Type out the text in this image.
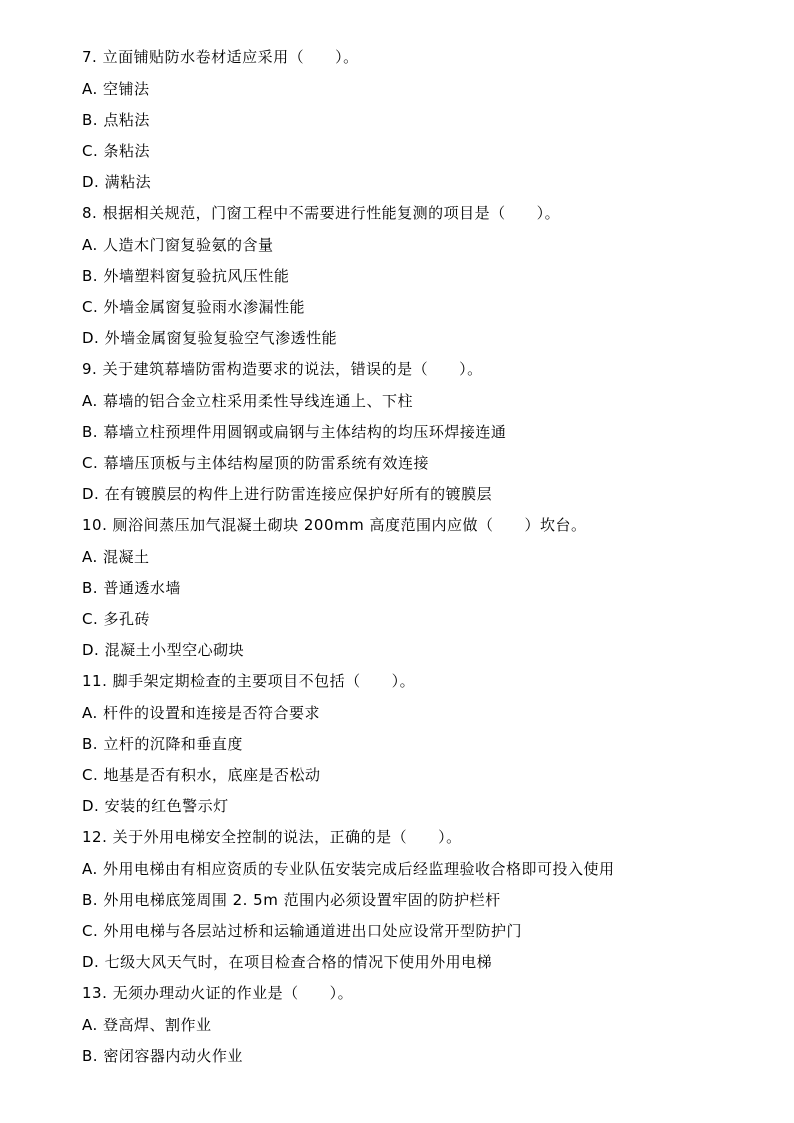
7. 立面铺贴防水卷材适应采用（　　）。
A. 空铺法
B. 点粘法
C. 条粘法
D. 满粘法
8. 根据相关规范，门窗工程中不需要进行性能复测的项目是（　　）。
A. 人造木门窗复验氨的含量
B. 外墙塑料窗复验抗风压性能
C. 外墙金属窗复验雨水渗漏性能
D. 外墙金属窗复验复验空气渗透性能
9. 关于建筑幕墙防雷构造要求的说法，错误的是（　　）。
A. 幕墙的铝合金立柱采用柔性导线连通上、下柱
B. 幕墙立柱预埋件用圆钢或扁钢与主体结构的均压环焊接连通
C. 幕墙压顶板与主体结构屋顶的防雷系统有效连接
D. 在有镀膜层的构件上进行防雷连接应保护好所有的镀膜层
10. 厕浴间蒸压加气混凝土砌块 200mm 高度范围内应做（　　）坎台。
A. 混凝土
B. 普通透水墙
C. 多孔砖
D. 混凝土小型空心砌块
11. 脚手架定期检查的主要项目不包括（　　）。
A. 杆件的设置和连接是否符合要求
B. 立杆的沉降和垂直度
C. 地基是否有积水，底座是否松动
D. 安装的红色警示灯
12. 关于外用电梯安全控制的说法，正确的是（　　）。
A. 外用电梯由有相应资质的专业队伍安装完成后经监理验收合格即可投入使用
B. 外用电梯底笼周围 2. 5m 范围内必须设置牢固的防护栏杆
C. 外用电梯与各层站过桥和运输通道进出口处应设常开型防护门
D. 七级大风天气时，在项目检查合格的情况下使用外用电梯
13. 无须办理动火证的作业是（　　）。
A. 登高焊、割作业
B. 密闭容器内动火作业
